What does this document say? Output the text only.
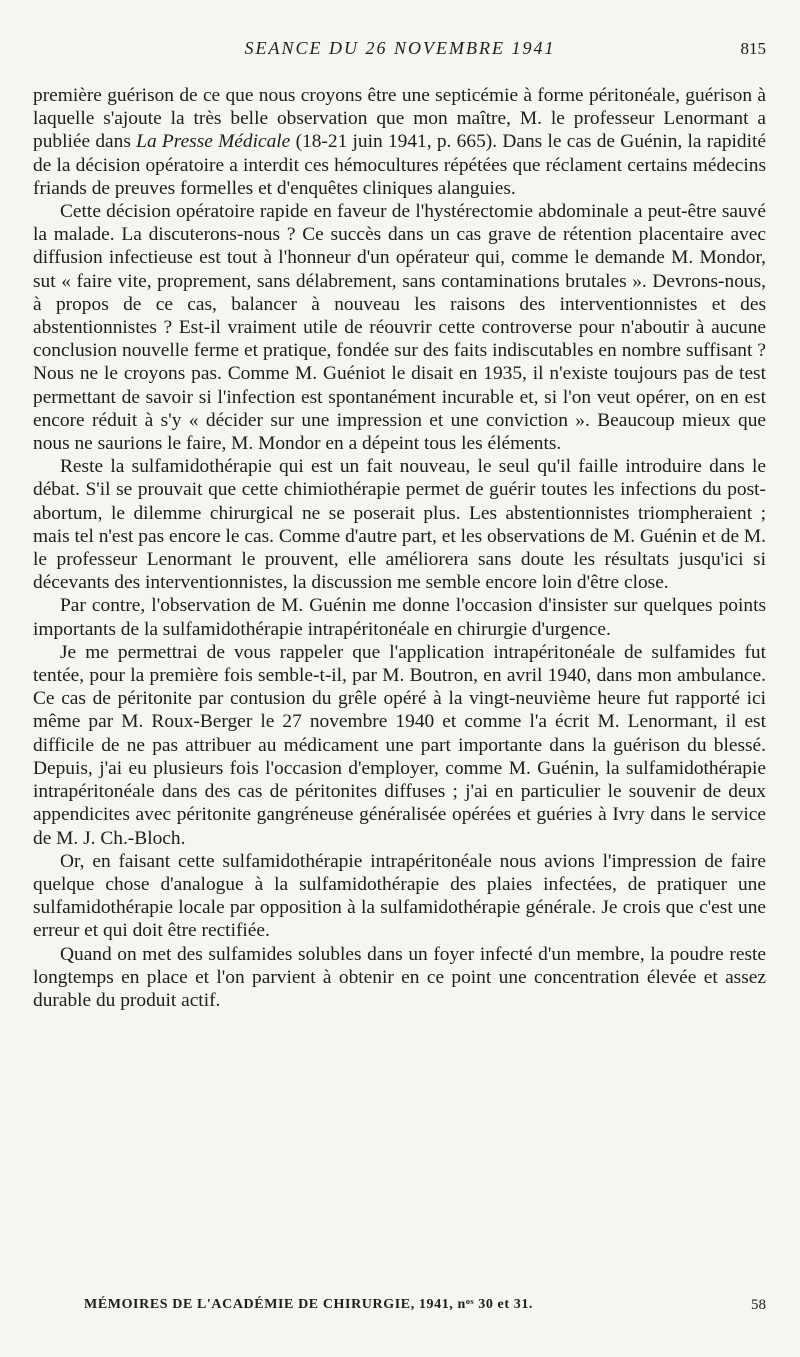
SEANCE DU 26 NOVEMBRE 1941	815

première guérison de ce que nous croyons être une septicémie à forme péritonéale, guérison à laquelle s'ajoute la très belle observation que mon maître, M. le professeur Lenormant a publiée dans La Presse Médicale (18-21 juin 1941, p. 665). Dans le cas de Guénin, la rapidité de la décision opératoire a interdit ces hémocultures répétées que réclament certains médecins friands de preuves formelles et d'enquêtes cliniques alanguies.

Cette décision opératoire rapide en faveur de l'hystérectomie abdominale a peut-être sauvé la malade. La discuterons-nous ? Ce succès dans un cas grave de rétention placentaire avec diffusion infectieuse est tout à l'honneur d'un opérateur qui, comme le demande M. Mondor, sut « faire vite, proprement, sans délabrement, sans contaminations brutales ». Devrons-nous, à propos de ce cas, balancer à nouveau les raisons des interventionnistes et des abstentionnistes ? Est-il vraiment utile de réouvrir cette controverse pour n'aboutir à aucune conclusion nouvelle ferme et pratique, fondée sur des faits indiscutables en nombre suffisant ? Nous ne le croyons pas. Comme M. Guéniot le disait en 1935, il n'existe toujours pas de test permettant de savoir si l'infection est spontanément incurable et, si l'on veut opérer, on en est encore réduit à s'y « décider sur une impression et une conviction ». Beaucoup mieux que nous ne saurions le faire, M. Mondor en a dépeint tous les éléments.

Reste la sulfamidothérapie qui est un fait nouveau, le seul qu'il faille introduire dans le débat. S'il se prouvait que cette chimiothérapie permet de guérir toutes les infections du post-abortum, le dilemme chirurgical ne se poserait plus. Les abstentionnistes triompheraient ; mais tel n'est pas encore le cas. Comme d'autre part, et les observations de M. Guénin et de M. le professeur Lenormant le prouvent, elle améliorera sans doute les résultats jusqu'ici si décevants des interventionnistes, la discussion me semble encore loin d'être close.

Par contre, l'observation de M. Guénin me donne l'occasion d'insister sur quelques points importants de la sulfamidothérapie intrapéritonéale en chirurgie d'urgence.

Je me permettrai de vous rappeler que l'application intrapéritonéale de sulfamides fut tentée, pour la première fois semble-t-il, par M. Boutron, en avril 1940, dans mon ambulance. Ce cas de péritonite par contusion du grêle opéré à la vingt-neuvième heure fut rapporté ici même par M. Roux-Berger le 27 novembre 1940 et comme l'a écrit M. Lenormant, il est difficile de ne pas attribuer au médicament une part importante dans la guérison du blessé. Depuis, j'ai eu plusieurs fois l'occasion d'employer, comme M. Guénin, la sulfamidothérapie intrapéritonéale dans des cas de péritonites diffuses ; j'ai en particulier le souvenir de deux appendicites avec péritonite gangréneuse généralisée opérées et guéries à Ivry dans le service de M. J. Ch.-Bloch.

Or, en faisant cette sulfamidothérapie intrapéritonéale nous avions l'impression de faire quelque chose d'analogue à la sulfamidothérapie des plaies infectées, de pratiquer une sulfamidothérapie locale par opposition à la sulfamidothérapie générale. Je crois que c'est une erreur et qui doit être rectifiée.

Quand on met des sulfamides solubles dans un foyer infecté d'un membre, la poudre reste longtemps en place et l'on parvient à obtenir en ce point une concentration élevée et assez durable du produit actif.

MÉMOIRES DE L'ACADÉMIE DE CHIRURGIE, 1941, nᵒˢ 30 et 31.	58
